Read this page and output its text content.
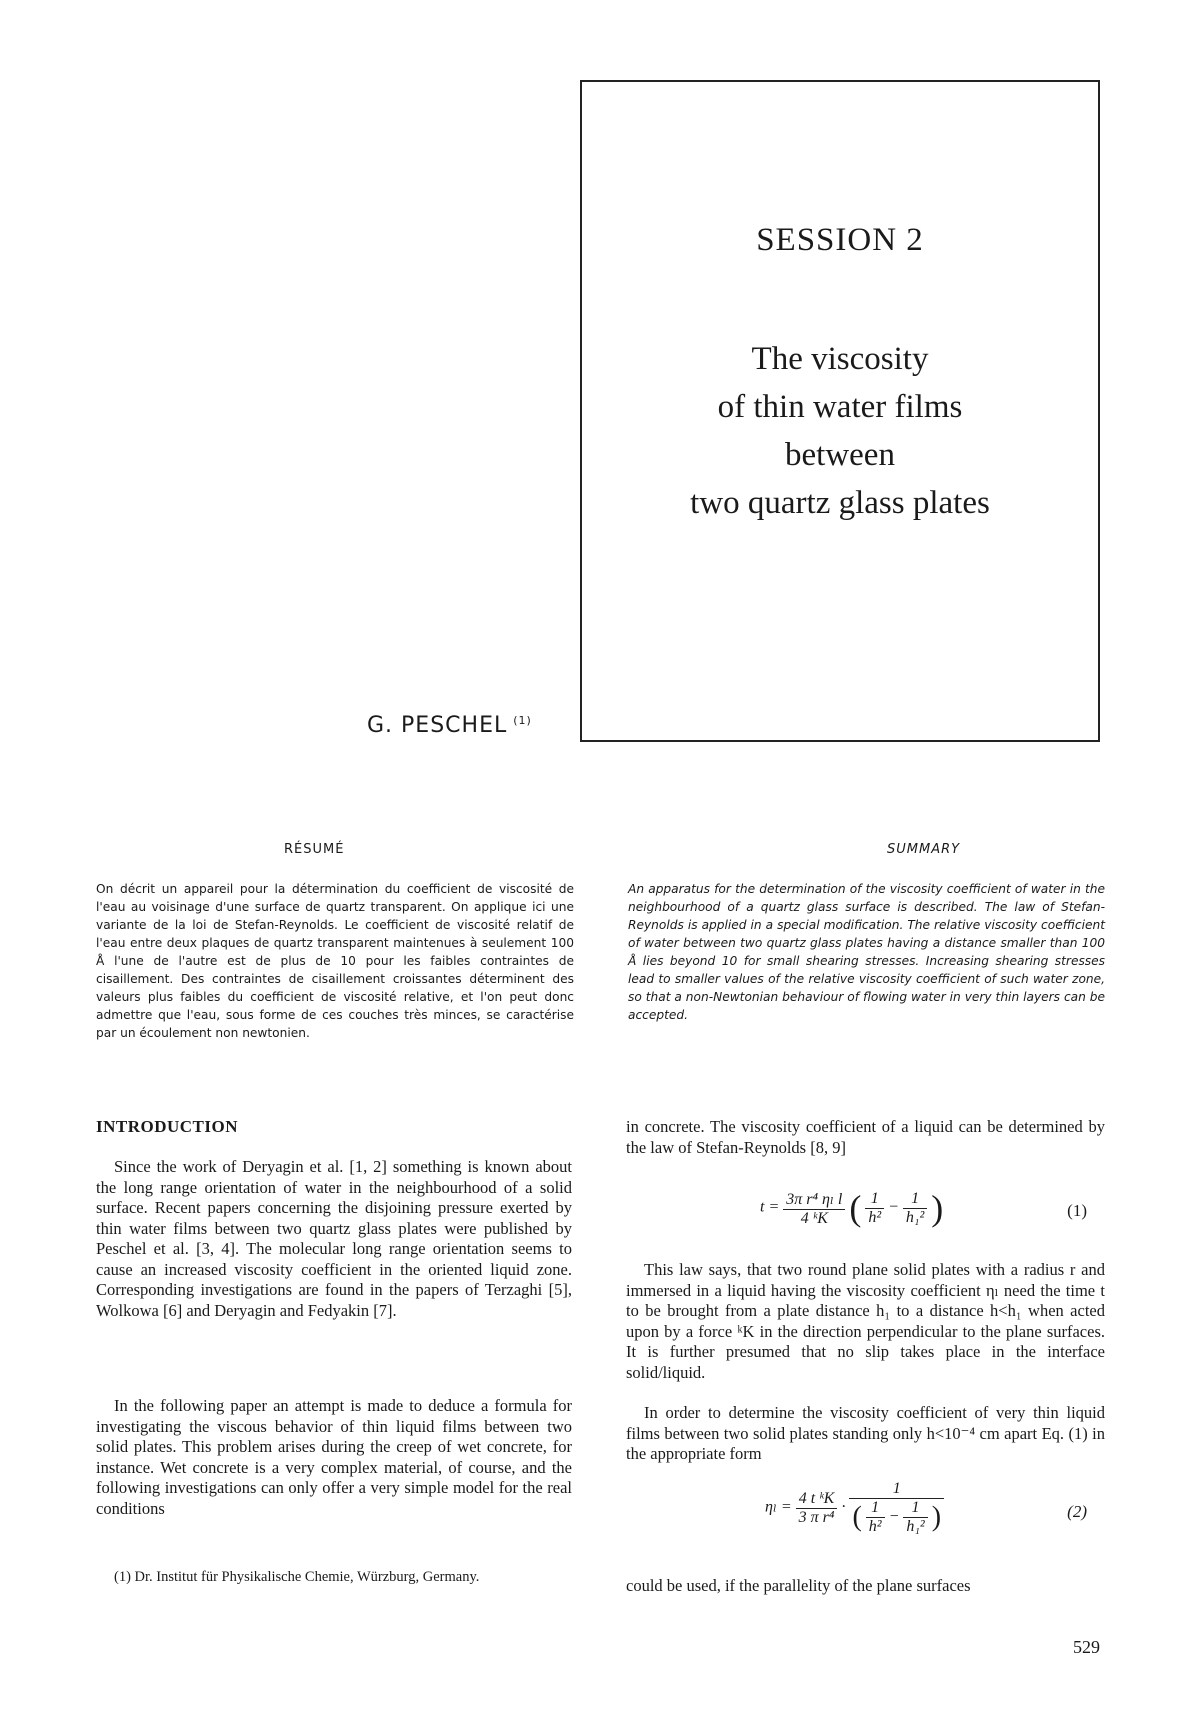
SESSION 2
The viscosity
of thin water films
between
two quartz glass plates
G. PESCHEL $^{(1)}$
RÉSUMÉ
On décrit un appareil pour la détermination du coefficient de viscosité de l'eau au voisinage d'une surface de quartz transparent. On applique ici une variante de la loi de Stefan-Reynolds. Le coefficient de viscosité relatif de l'eau entre deux plaques de quartz transparent maintenues à seulement 100 Å l'une de l'autre est de plus de 10 pour les faibles contraintes de cisaillement. Des contraintes de cisaillement croissantes déterminent des valeurs plus faibles du coefficient de viscosité relative, et l'on peut donc admettre que l'eau, sous forme de ces couches très minces, se caractérise par un écoulement non newtonien.
SUMMARY
An apparatus for the determination of the viscosity coefficient of water in the neighbourhood of a quartz glass surface is described. The law of Stefan-Reynolds is applied in a special modification. The relative viscosity coefficient of water between two quartz glass plates having a distance smaller than 100 Å lies beyond 10 for small shearing stresses. Increasing shearing stresses lead to smaller values of the relative viscosity coefficient of such water zone, so that a non-Newtonian behaviour of flowing water in very thin layers can be accepted.
INTRODUCTION

Since the work of Deryagin et al. [1, 2] something is known about the long range orientation of water in the neighbourhood of a solid surface. Recent papers concerning the disjoining pressure exerted by thin water films between two quartz glass plates were published by Peschel et al. [3, 4]. The molecular long range orientation seems to cause an increased viscosity coefficient in the oriented liquid zone. Corresponding investigations are found in the papers of Terzaghi [5], Wolkowa [6] and Deryagin and Fedyakin [7].

In the following paper an attempt is made to deduce a formula for investigating the viscous behavior of thin liquid films between two solid plates. This problem arises during the creep of wet concrete, for instance. Wet concrete is a very complex material, of course, and the following investigations can only offer a very simple model for the real conditions

(1) Dr. Institut für Physikalische Chemie, Würzburg, Germany.

in concrete. The viscosity coefficient of a liquid can be determined by the law of Stefan-Reynolds [8, 9]

$t = \frac{\text{3π r⁴ ηₗ l}}{\text{4 ᵏK}}$ ( $\frac{1}{\text{h²}} - \frac{1}{\text{h₁²}}$ )	(1)

This law says, that two round plane solid plates with a radius r and immersed in a liquid having the viscosity coefficient ηₗ need the time t to be brought from a plate distance h₁ to a distance h<h₁ when acted upon by a force ᵏK in the direction perpendicular to the plane surfaces. It is further presumed that no slip takes place in the interface solid/liquid.

In order to determine the viscosity coefficient of very thin liquid films between two solid plates standing only h<10⁻⁴ cm apart Eq. (1) in the appropriate form

$\eta_l = \frac{\text{4 t ᵏK}}{\text{3 π r⁴}}$ ·
1
( $\frac{1}{\text{h²}} - \frac{1}{\text{h₁²}}$ )	(2)

could be used, if the parallelity of the plane surfaces

529
